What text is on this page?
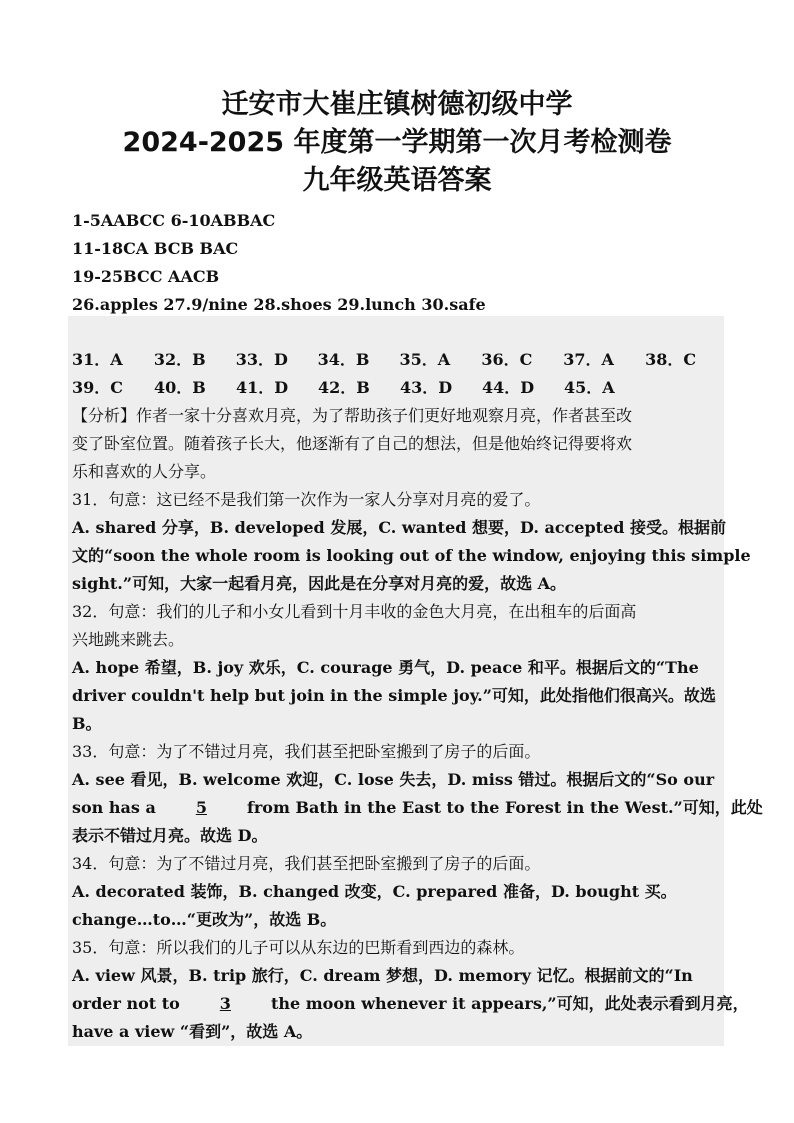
迁安市大崔庄镇树德初级中学

2024-2025 年度第一学期第一次月考检测卷

九年级英语答案

1-5AABCC 6-10ABBAC
11-18CA BCB BAC
19-25BCC AACB
26.apples 27.9/nine 28.shoes 29.lunch 30.safe
31．A	32．B	33．D	34．B	35．A	36．C	37．A	38．C
39．C	40．B	41．D	42．B	43．D	44．D	45．A

【分析】作者一家十分喜欢月亮，为了帮助孩子们更好地观察月亮，作者甚至改

变了卧室位置。随着孩子长大，他逐渐有了自己的想法，但是他始终记得要将欢

乐和喜欢的人分享。

31．句意：这已经不是我们第一次作为一家人分享对月亮的爱了。

A. shared 分享，B. developed 发展，C. wanted 想要，D. accepted 接受。根据前

文的“soon the whole room is looking out of the window, enjoying this simple

sight.”可知，大家一起看月亮，因此是在分享对月亮的爱，故选 A。

32．句意：我们的儿子和小女儿看到十月丰收的金色大月亮，在出租车的后面高

兴地跳来跳去。

A. hope 希望，B. joy 欢乐，C. courage 勇气，D. peace 和平。根据后文的“The

driver couldn't help but join in the simple joy.”可知，此处指他们很高兴。故选

B。

33．句意：为了不错过月亮，我们甚至把卧室搬到了房子的后面。

A. see 看见，B. welcome 欢迎，C. lose 失去，D. miss 错过。根据后文的“So our

son has a	5	from Bath in the East to the Forest in the West.”可知，此处

表示不错过月亮。故选 D。

34．句意：为了不错过月亮，我们甚至把卧室搬到了房子的后面。

A. decorated 装饰，B. changed 改变，C. prepared 准备，D. bought 买。

change…to…“更改为”，故选 B。

35．句意：所以我们的儿子可以从东边的巴斯看到西边的森林。

A. view 风景，B. trip 旅行，C. dream 梦想，D. memory 记忆。根据前文的“In

order not to	3	the moon whenever it appears,”可知，此处表示看到月亮，

have a view “看到”，故选 A。
